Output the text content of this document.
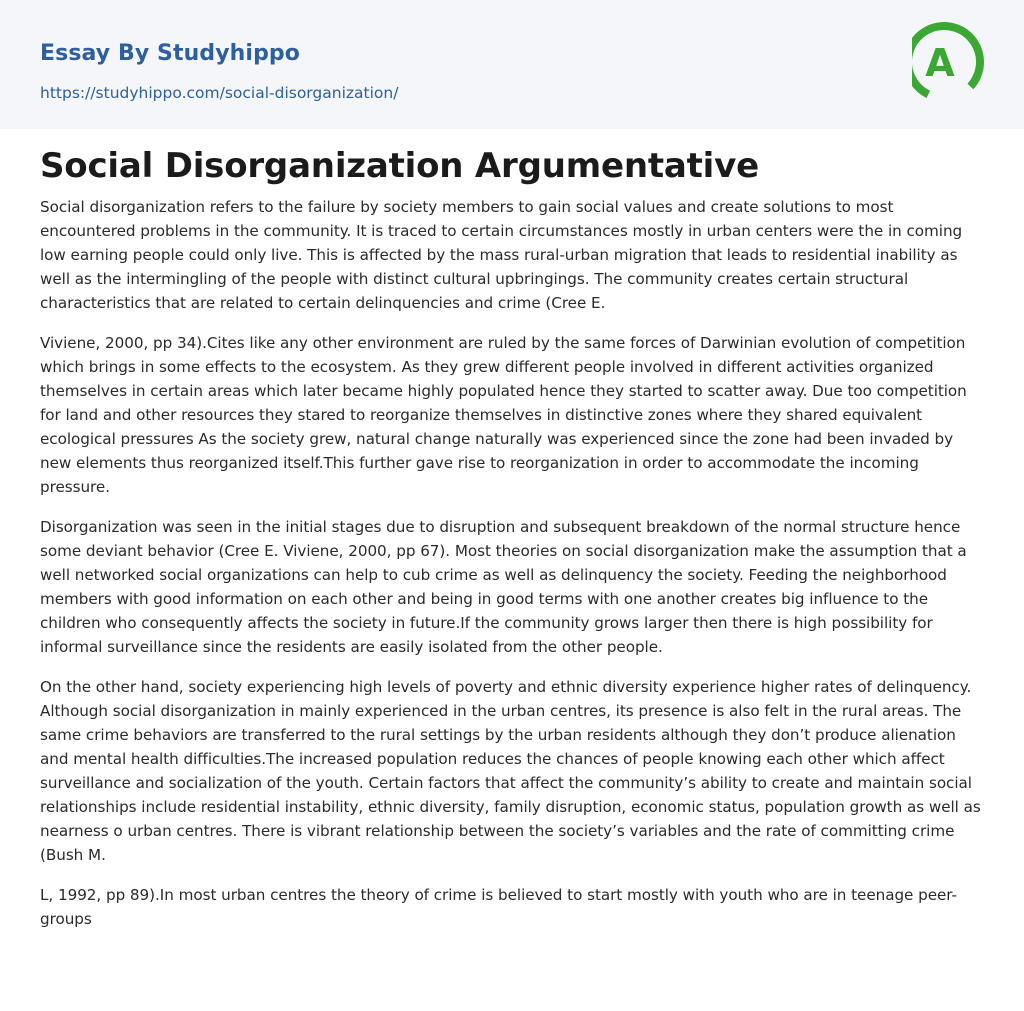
Essay By Studyhippo
https://studyhippo.com/social-disorganization/
A
Social Disorganization Argumentative

Social disorganization refers to the failure by society members to gain social values and create solutions to most encountered problems in the community. It is traced to certain circumstances mostly in urban centers were the in coming low earning people could only live. This is affected by the mass rural-urban migration that leads to residential inability as well as the intermingling of the people with distinct cultural upbringings. The community creates certain structural characteristics that are related to certain delinquencies and crime (Cree E.

Viviene, 2000, pp 34).Cites like any other environment are ruled by the same forces of Darwinian evolution of competition which brings in some effects to the ecosystem. As they grew different people involved in different activities organized themselves in certain areas which later became highly populated hence they started to scatter away. Due too competition for land and other resources they stared to reorganize themselves in distinctive zones where they shared equivalent ecological pressures As the society grew, natural change naturally was experienced since the zone had been invaded by new elements thus reorganized itself.This further gave rise to reorganization in order to accommodate the incoming pressure.

Disorganization was seen in the initial stages due to disruption and subsequent breakdown of the normal structure hence some deviant behavior (Cree E. Viviene, 2000, pp 67). Most theories on social disorganization make the assumption that a well networked social organizations can help to cub crime as well as delinquency the society. Feeding the neighborhood members with good information on each other and being in good terms with one another creates big influence to the children who consequently affects the society in future.If the community grows larger then there is high possibility for informal surveillance since the residents are easily isolated from the other people.

On the other hand, society experiencing high levels of poverty and ethnic diversity experience higher rates of delinquency. Although social disorganization in mainly experienced in the urban centres, its presence is also felt in the rural areas. The same crime behaviors are transferred to the rural settings by the urban residents although they don’t produce alienation and mental health difficulties.The increased population reduces the chances of people knowing each other which affect surveillance and socialization of the youth. Certain factors that affect the community’s ability to create and maintain social relationships include residential instability, ethnic diversity, family disruption, economic status, population growth as well as nearness o urban centres. There is vibrant relationship between the society’s variables and the rate of committing crime (Bush M.

L, 1992, pp 89).In most urban centres the theory of crime is believed to start mostly with youth who are in teenage peer-groups
